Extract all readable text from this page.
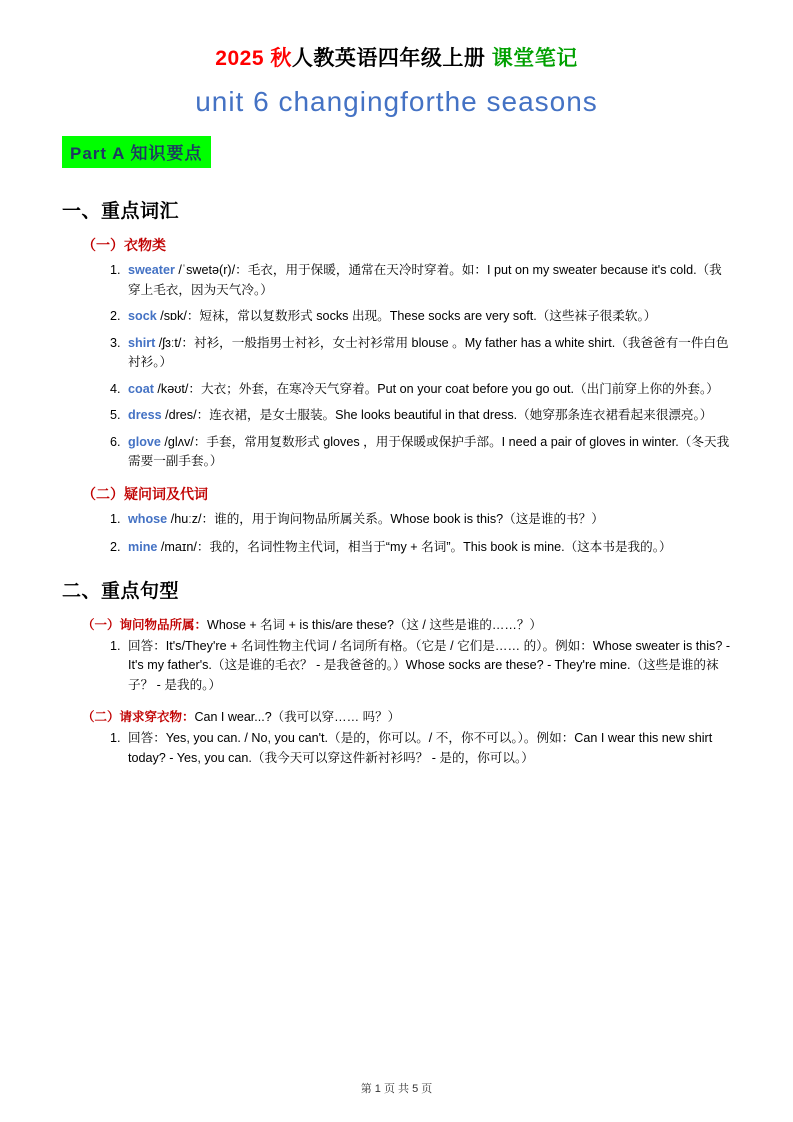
2025 秋人教英语四年级上册 课堂笔记
unit 6 changingforthe seasons
Part A 知识要点
一、重点词汇
（一）衣物类
1. sweater /ˈswetə(r)/：毛衣，用于保暖，通常在天冷时穿着。如：I put on my sweater because it's cold.（我穿上毛衣，因为天气冷。）
2. sock /sɒk/：短袜，常以复数形式 socks 出现。These socks are very soft.（这些袜子很柔软。）
3. shirt /ʃɜːt/：衬衫，一般指男士衬衫，女士衬衫常用 blouse 。My father has a white shirt.（我爸爸有一件白色衬衫。）
4. coat /kəʊt/：大衣；外套，在寒冷天气穿着。Put on your coat before you go out.（出门前穿上你的外套。）
5. dress /dres/：连衣裙，是女士服装。She looks beautiful in that dress.（她穿那条连衣裙看起来很漂亮。）
6. glove /ɡlʌv/：手套，常用复数形式 gloves ，用于保暖或保护手部。I need a pair of gloves in winter.（冬天我需要一副手套。）
（二）疑问词及代词
1. whose /huːz/：谁的，用于询问物品所属关系。Whose book is this?（这是谁的书？）
2. mine /maɪn/：我的，名词性物主代词，相当于“my + 名词”。This book is mine.（这本书是我的。）
二、重点句型
（一）询问物品所属：Whose + 名词 + is this/are these?（这 / 这些是谁的……？）
1. 回答：It's/They're + 名词性物主代词 / 名词所有格。（它是 / 它们是…… 的）。例如：Whose sweater is this? - It's my father's.（这是谁的毛衣？ - 是我爸爸的。）Whose socks are these? - They're mine.（这些是谁的袜子？ - 是我的。）
（二）请求穿衣物：Can I wear...?（我可以穿…… 吗？）
1. 回答：Yes, you can. / No, you can't.（是的，你可以。/ 不，你不可以。）。例如：Can I wear this new shirt today? - Yes, you can.（我今天可以穿这件新衬衫吗？ - 是的，你可以。）
第 1 页 共 5 页
